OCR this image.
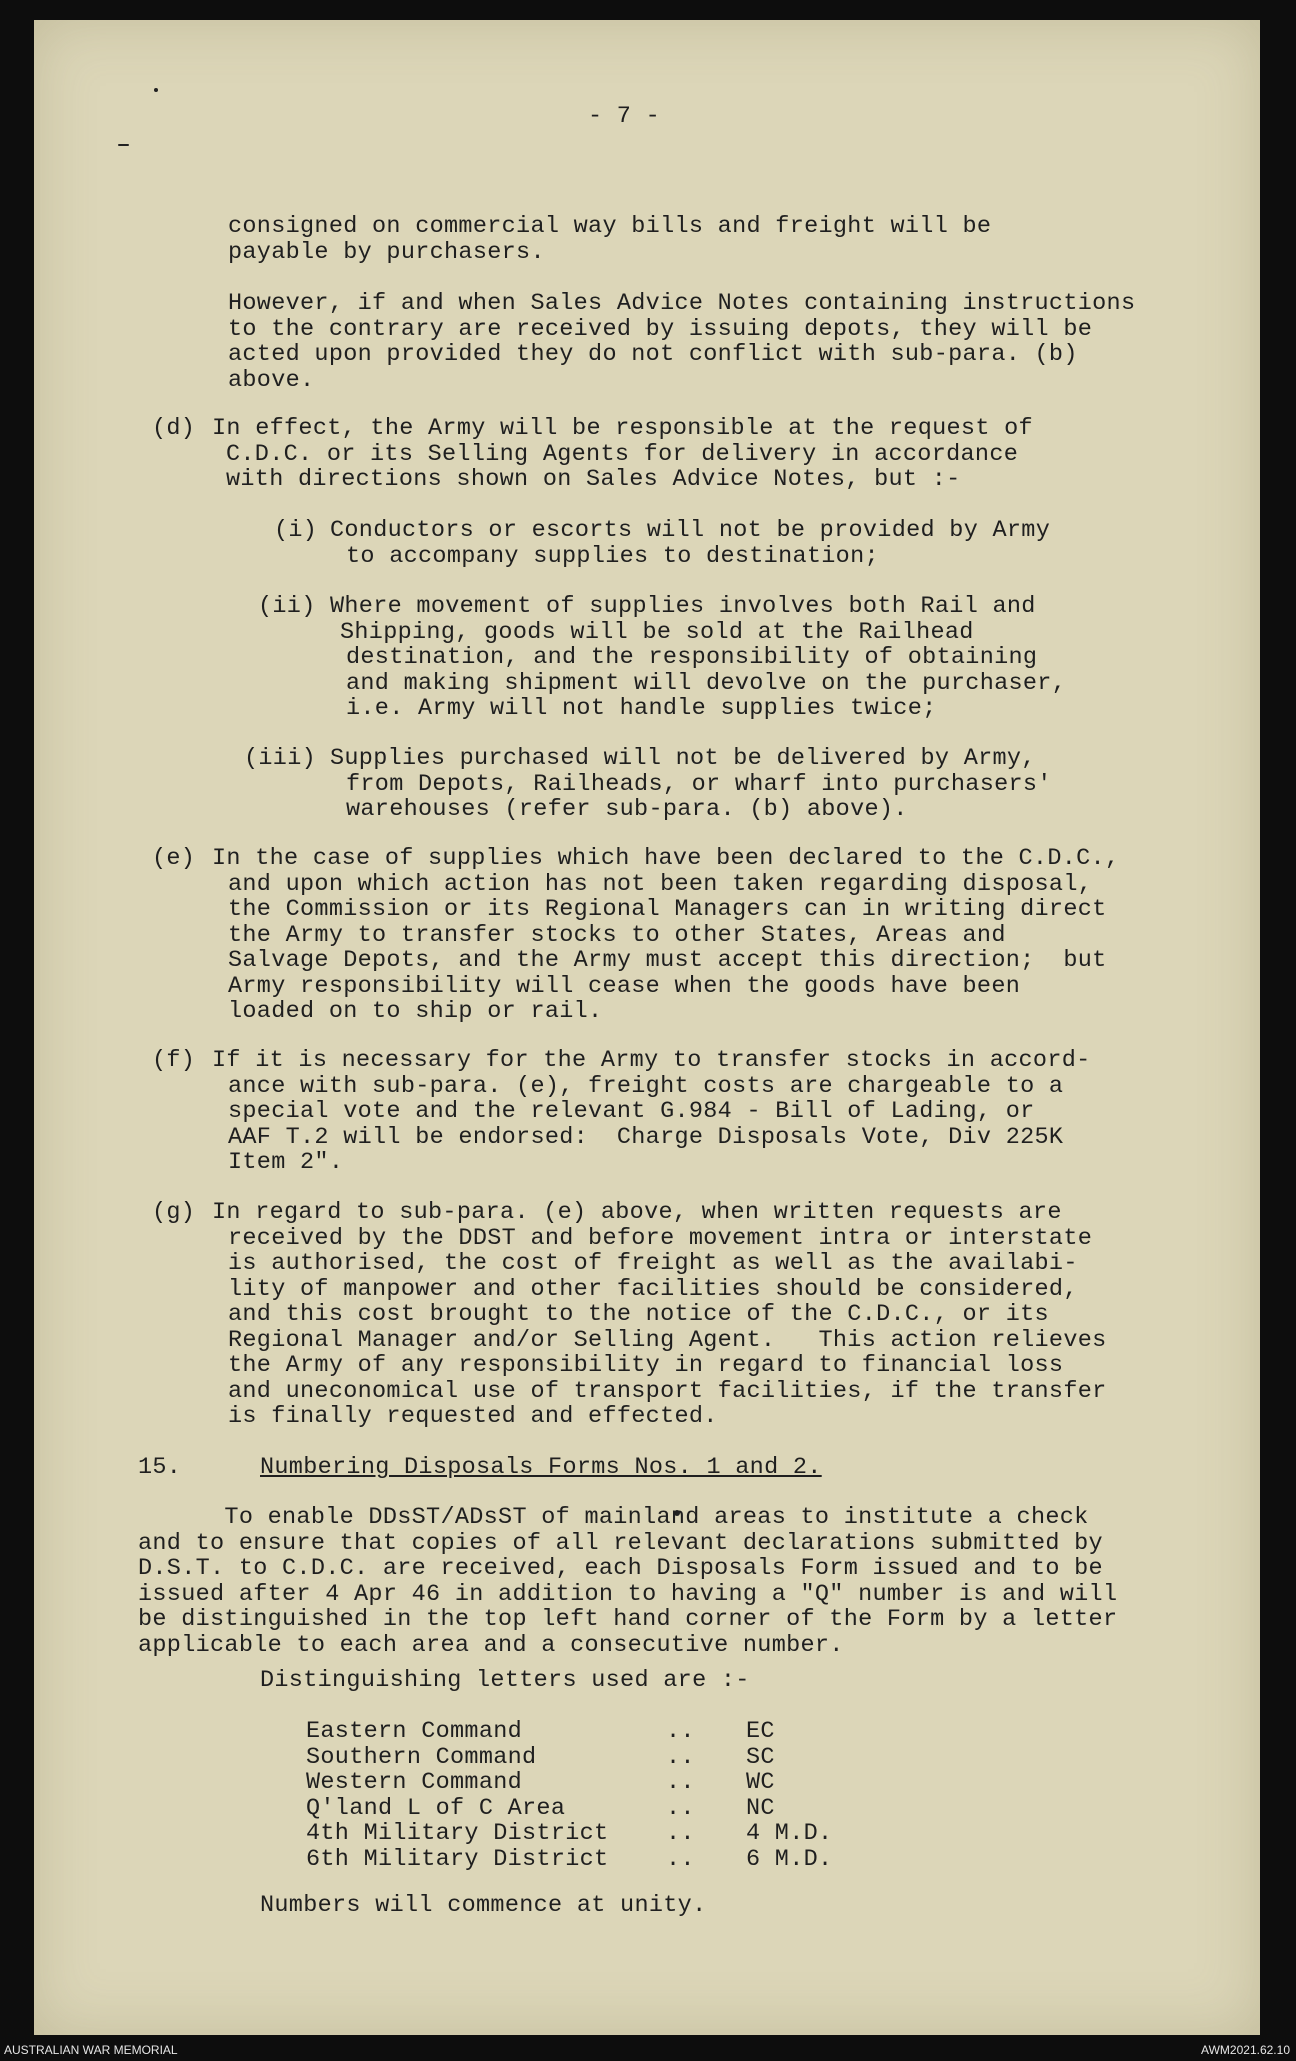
- 7 -
consigned on commercial way bills and freight will be
payable by purchasers.
However, if and when Sales Advice Notes containing instructions
to the contrary are received by issuing depots, they will be
acted upon provided they do not conflict with sub-para. (b)
above.
(d) In effect, the Army will be responsible at the request of
C.D.C. or its Selling Agents for delivery in accordance
with directions shown on Sales Advice Notes, but :-
(i) Conductors or escorts will not be provided by Army
to accompany supplies to destination;
(ii) Where movement of supplies involves both Rail and
Shipping, goods will be sold at the Railhead
destination, and the responsibility of obtaining
and making shipment will devolve on the purchaser,
i.e. Army will not handle supplies twice;
(iii) Supplies purchased will not be delivered by Army,
from Depots, Railheads, or wharf into purchasers'
warehouses (refer sub-para. (b) above).
(e) In the case of supplies which have been declared to the C.D.C.,
and upon which action has not been taken regarding disposal,
the Commission or its Regional Managers can in writing direct
the Army to transfer stocks to other States, Areas and
Salvage Depots, and the Army must accept this direction;  but
Army responsibility will cease when the goods have been
loaded on to ship or rail.
(f) If it is necessary for the Army to transfer stocks in accord-
ance with sub-para. (e), freight costs are chargeable to a
special vote and the relevant G.984 - Bill of Lading, or
AAF T.2 will be endorsed:  Charge Disposals Vote, Div 225K
Item 2".
(g) In regard to sub-para. (e) above, when written requests are
received by the DDST and before movement intra or interstate
is authorised, the cost of freight as well as the availabi-
lity of manpower and other facilities should be considered,
and this cost brought to the notice of the C.D.C., or its
Regional Manager and/or Selling Agent.   This action relieves
the Army of any responsibility in regard to financial loss
and uneconomical use of transport facilities, if the transfer
is finally requested and effected.
15.	Numbering Disposals Forms Nos. 1 and 2.
To enable DDsST/ADsST of mainland areas to institute a check
and to ensure that copies of all relevant declarations submitted by
D.S.T. to C.D.C. are received, each Disposals Form issued and to be
issued after 4 Apr 46 in addition to having a "Q" number is and will
be distinguished in the top left hand corner of the Form by a letter
applicable to each area and a consecutive number.
Distinguishing letters used are :-
Eastern Command	.. EC
Southern Command	.. SC
Western Command	.. WC
Q'land L of C Area	.. NC
4th Military District .. 4 M.D.
6th Military District .. 6 M.D.
Numbers will commence at unity.
AUSTRALIAN WAR MEMORIAL	AWM2021.62.10
